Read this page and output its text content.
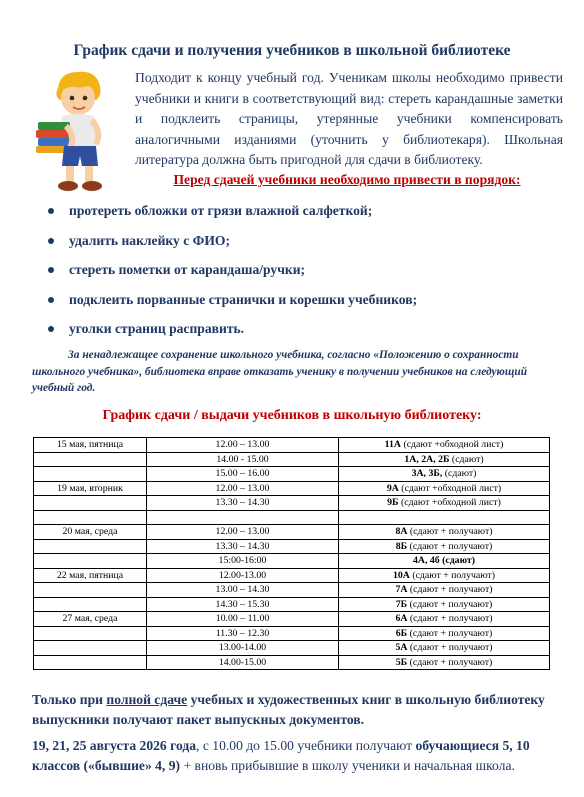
График сдачи и получения учебников в школьной библиотеке
Подходит к концу учебный год. Ученикам школы необходимо привести учебники и книги в соответствующий вид: стереть карандашные заметки и подклеить страницы, утерянные учебники компенсировать аналогичными изданиями (уточнить у библиотекаря). Школьная литература должна быть пригодной для сдачи в библиотеку.
Перед сдачей учебники необходимо привести в порядок:
протереть обложки от грязи влажной салфеткой;
удалить наклейку с ФИО;
стереть пометки от карандаша/ручки;
подклеить порванные странички и корешки учебников;
уголки страниц расправить.
За ненадлежащее сохранение школьного учебника, согласно «Положению о сохранности школьного учебника», библиотека вправе отказать ученику в получении учебников на следующий учебный год.
График сдачи / выдачи учебников в школьную библиотеку:
15 мая, пятница	12.00 – 13.00	11А (сдают +обходной лист)
	14.00 - 15.00	1А, 2А, 2Б (сдают)
	15.00 – 16.00	3А, 3Б, (сдают)
19 мая, вторник	12.00 – 13.00	9А (сдают +обходной лист)
	13.30 – 14.30	9Б (сдают +обходной лист)

20 мая, среда	12.00 – 13.00	8А (сдают + получают)
	13.30 – 14.30	8Б (сдают + получают)
	15:00-16:00	4А, 4б (сдают)
22 мая, пятница	12.00-13.00	10А (сдают + получают)
	13.00 – 14.30	7А (сдают + получают)
	14.30 – 15.30	7Б (сдают + получают)
27 мая, среда	10.00 – 11.00	6А (сдают + получают)
	11.30 – 12.30	6Б (сдают + получают)
	13.00-14.00	5А (сдают + получают)
	14.00-15.00	5Б (сдают + получают)
Только при полной сдаче учебных и художественных книг в школьную библиотеку выпускники получают пакет выпускных документов.
19, 21, 25 августа 2026 года, с 10.00 до 15.00 учебники получают обучающиеся 5, 10 классов («бывшие» 4, 9) + вновь прибывшие в школу ученики и начальная школа.
